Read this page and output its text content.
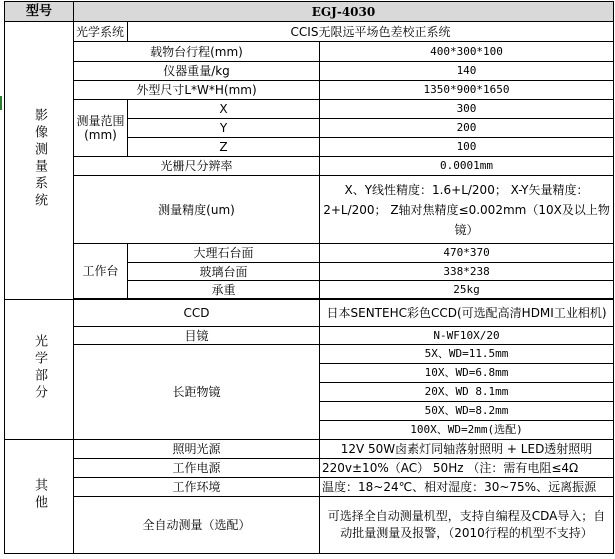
型号	EGJ-4030		
影像测量系统	光学系统	CCIS无限远平场色差校正系统	
	载物台行程(mm)		400*300*100
	仪器重量/kg		140
	外型尺寸L*W*H(mm)		1350*900*1650
	测量范围 (mm)	X	300
		Y	200
		Z	100
	光栅尺分辨率		0.0001mm
	测量精度(um)		X、Y线性精度：1.6+L/200； X-Y矢量精度：2+L/200； Z轴对焦精度≤0.002mm（10X及以上物镜）
	工作台	大理石台面	470*370
		玻璃台面	338*238
		承重	25kg

光学部分	CCD		日本SENTEHC彩色CCD(可选配高清HDMI工业相机)
	目镜		N-WF10X/20
	长距物镜		5X、WD=11.5mm
			10X、WD=6.8mm
			20X、WD 8.1mm
			50X、WD=8.2mm
			100X、WD=2mm(选配)
其他	照明光源		12V 50W卤素灯同轴落射照明 + LED透射照明
	工作电源		220v±10%（AC） 50Hz （注：需有电阻≤4Ω
	工作环境		温度：18~24℃、相对湿度：30~75%、远离振源
	全自动测量（选配）		可选择全自动测量机型，支持自编程及CDA导入；自动批量测量及报警，（2010行程的机型不支持）
